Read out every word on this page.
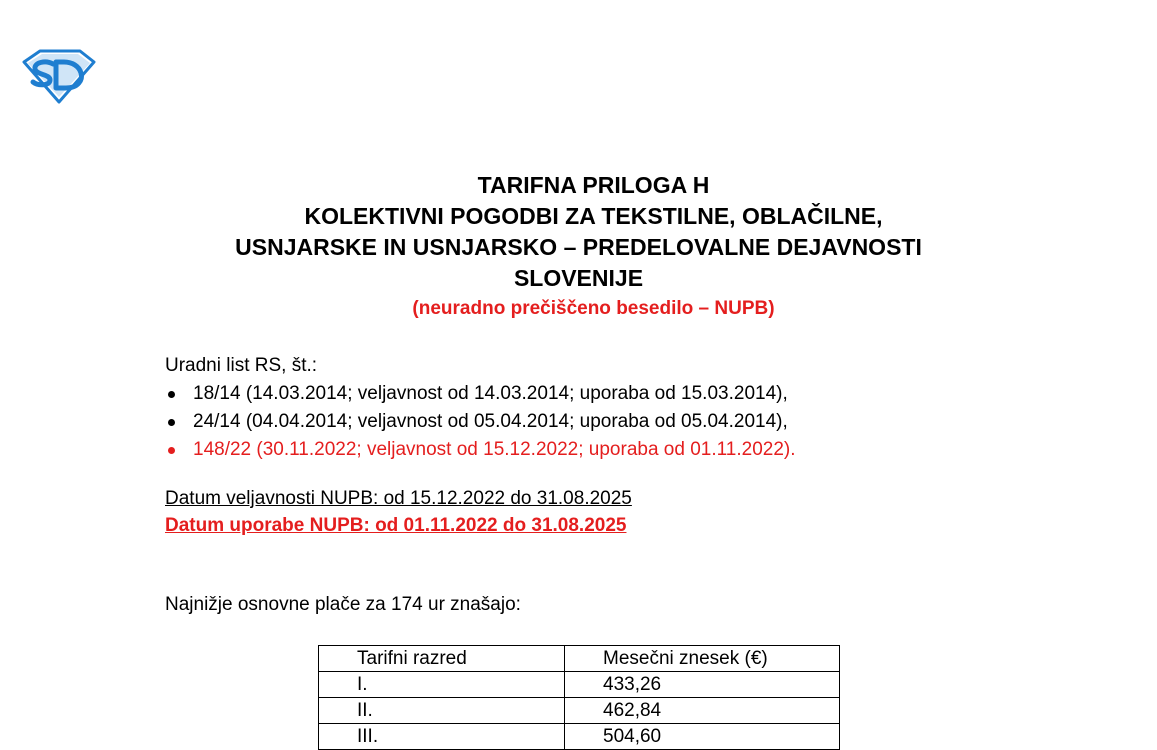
TARIFNA PRILOGA H
KOLEKTIVNI POGODBI ZA TEKSTILNE, OBLAČILNE,
USNJARSKE IN USNJARSKO – PREDELOVALNE DEJAVNOSTI
SLOVENIJE
(neuradno prečiščeno besedilo – NUPB)
Uradni list RS, št.:
18/14 (14.03.2014; veljavnost od 14.03.2014; uporaba od 15.03.2014),
24/14 (04.04.2014; veljavnost od 05.04.2014; uporaba od 05.04.2014),
148/22 (30.11.2022; veljavnost od 15.12.2022; uporaba od 01.11.2022).
Datum veljavnosti NUPB: od 15.12.2022 do 31.08.2025
Datum uporabe NUPB: od 01.11.2022 do 31.08.2025
Najnižje osnovne plače za 174 ur znašajo:
Tarifni razred	Mesečni znesek (€)
I.	433,26
II.	462,84
III.	504,60
